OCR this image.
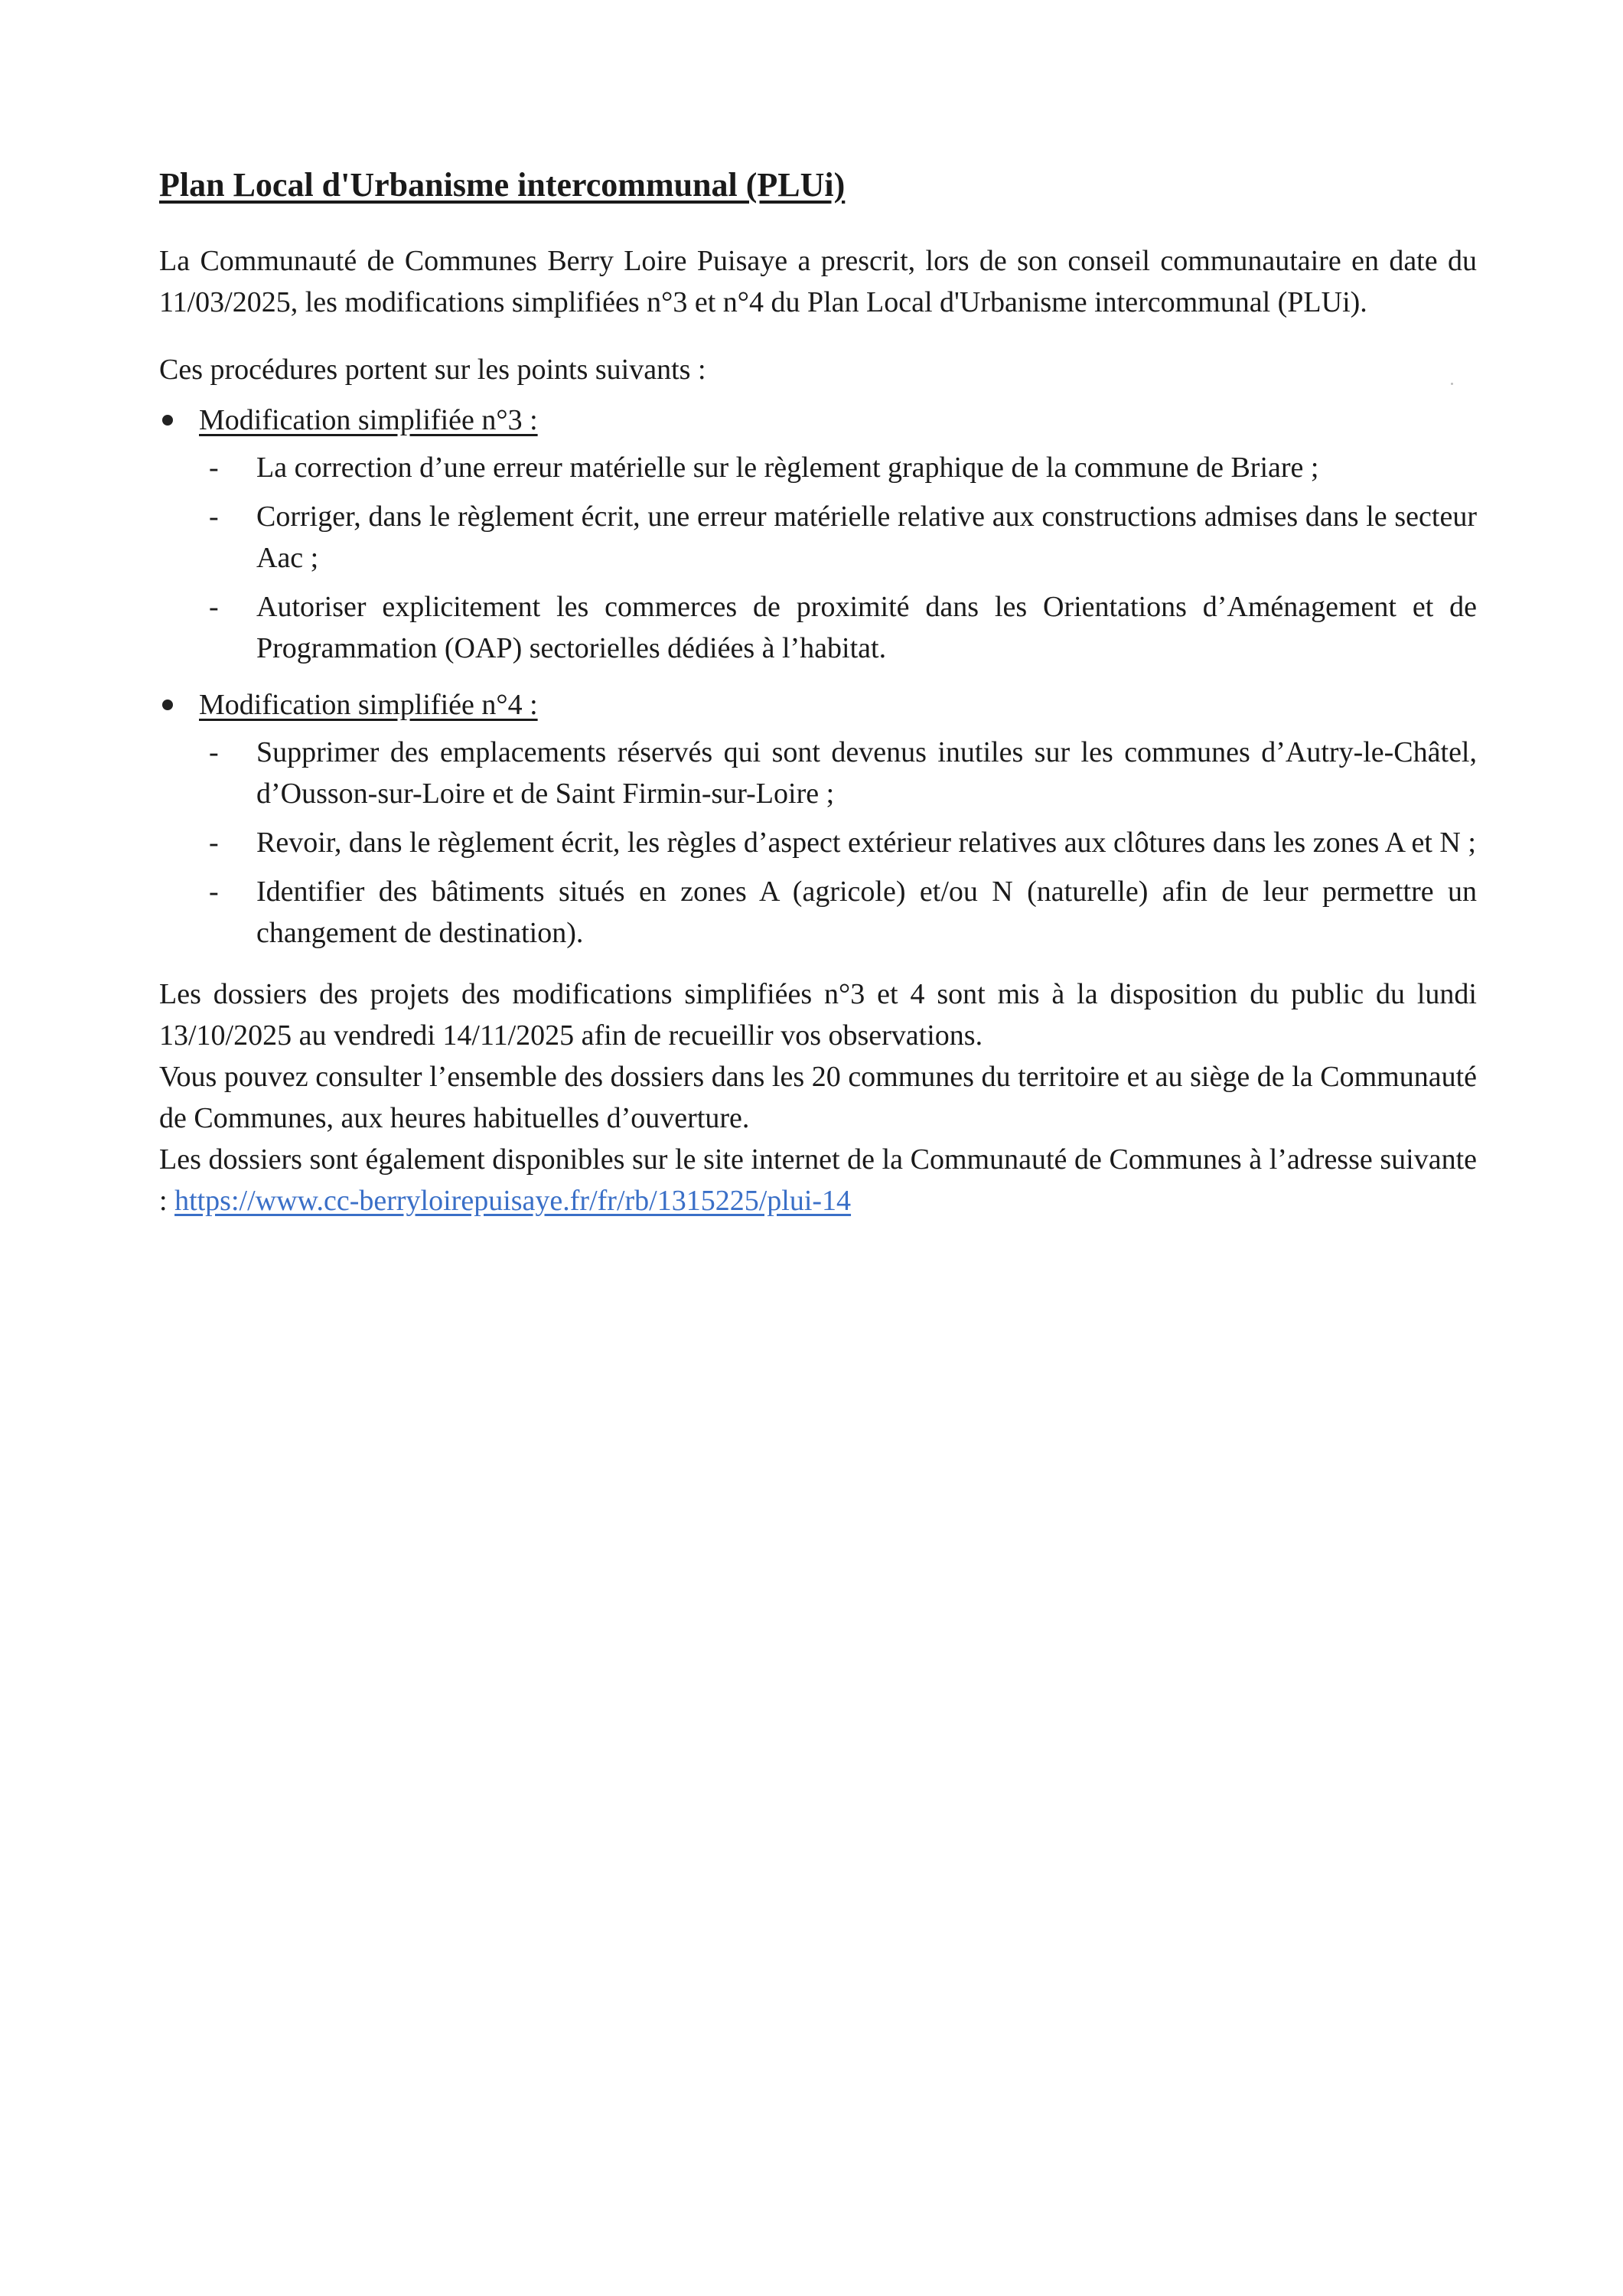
Plan Local d'Urbanisme intercommunal (PLUi)

La Communauté de Communes Berry Loire Puisaye a prescrit, lors de son conseil communautaire en date du 11/03/2025, les modifications simplifiées n°3 et n°4 du Plan Local d'Urbanisme intercommunal (PLUi).

Ces procédures portent sur les points suivants :

Modification simplifiée n°3 :
- La correction d’une erreur matérielle sur le règlement graphique de la commune de Briare ;
- Corriger, dans le règlement écrit, une erreur matérielle relative aux constructions admises dans le secteur Aac ;
- Autoriser explicitement les commerces de proximité dans les Orientations d’Aménagement et de Programmation (OAP) sectorielles dédiées à l’habitat.
Modification simplifiée n°4 :
- Supprimer des emplacements réservés qui sont devenus inutiles sur les communes d’Autry-le-Châtel, d’Ousson-sur-Loire et de Saint Firmin-sur-Loire ;
- Revoir, dans le règlement écrit, les règles d’aspect extérieur relatives aux clôtures dans les zones A et N ;
- Identifier des bâtiments situés en zones A (agricole) et/ou N (naturelle) afin de leur permettre un changement de destination).

Les dossiers des projets des modifications simplifiées n°3 et 4 sont mis à la disposition du public du lundi 13/10/2025 au vendredi 14/11/2025 afin de recueillir vos observations.

Vous pouvez consulter l’ensemble des dossiers dans les 20 communes du territoire et au siège de la Communauté de Communes, aux heures habituelles d’ouverture.

Les dossiers sont également disponibles sur le site internet de la Communauté de Communes à l’adresse suivante : https://www.cc-berryloirepuisaye.fr/fr/rb/1315225/plui-14
